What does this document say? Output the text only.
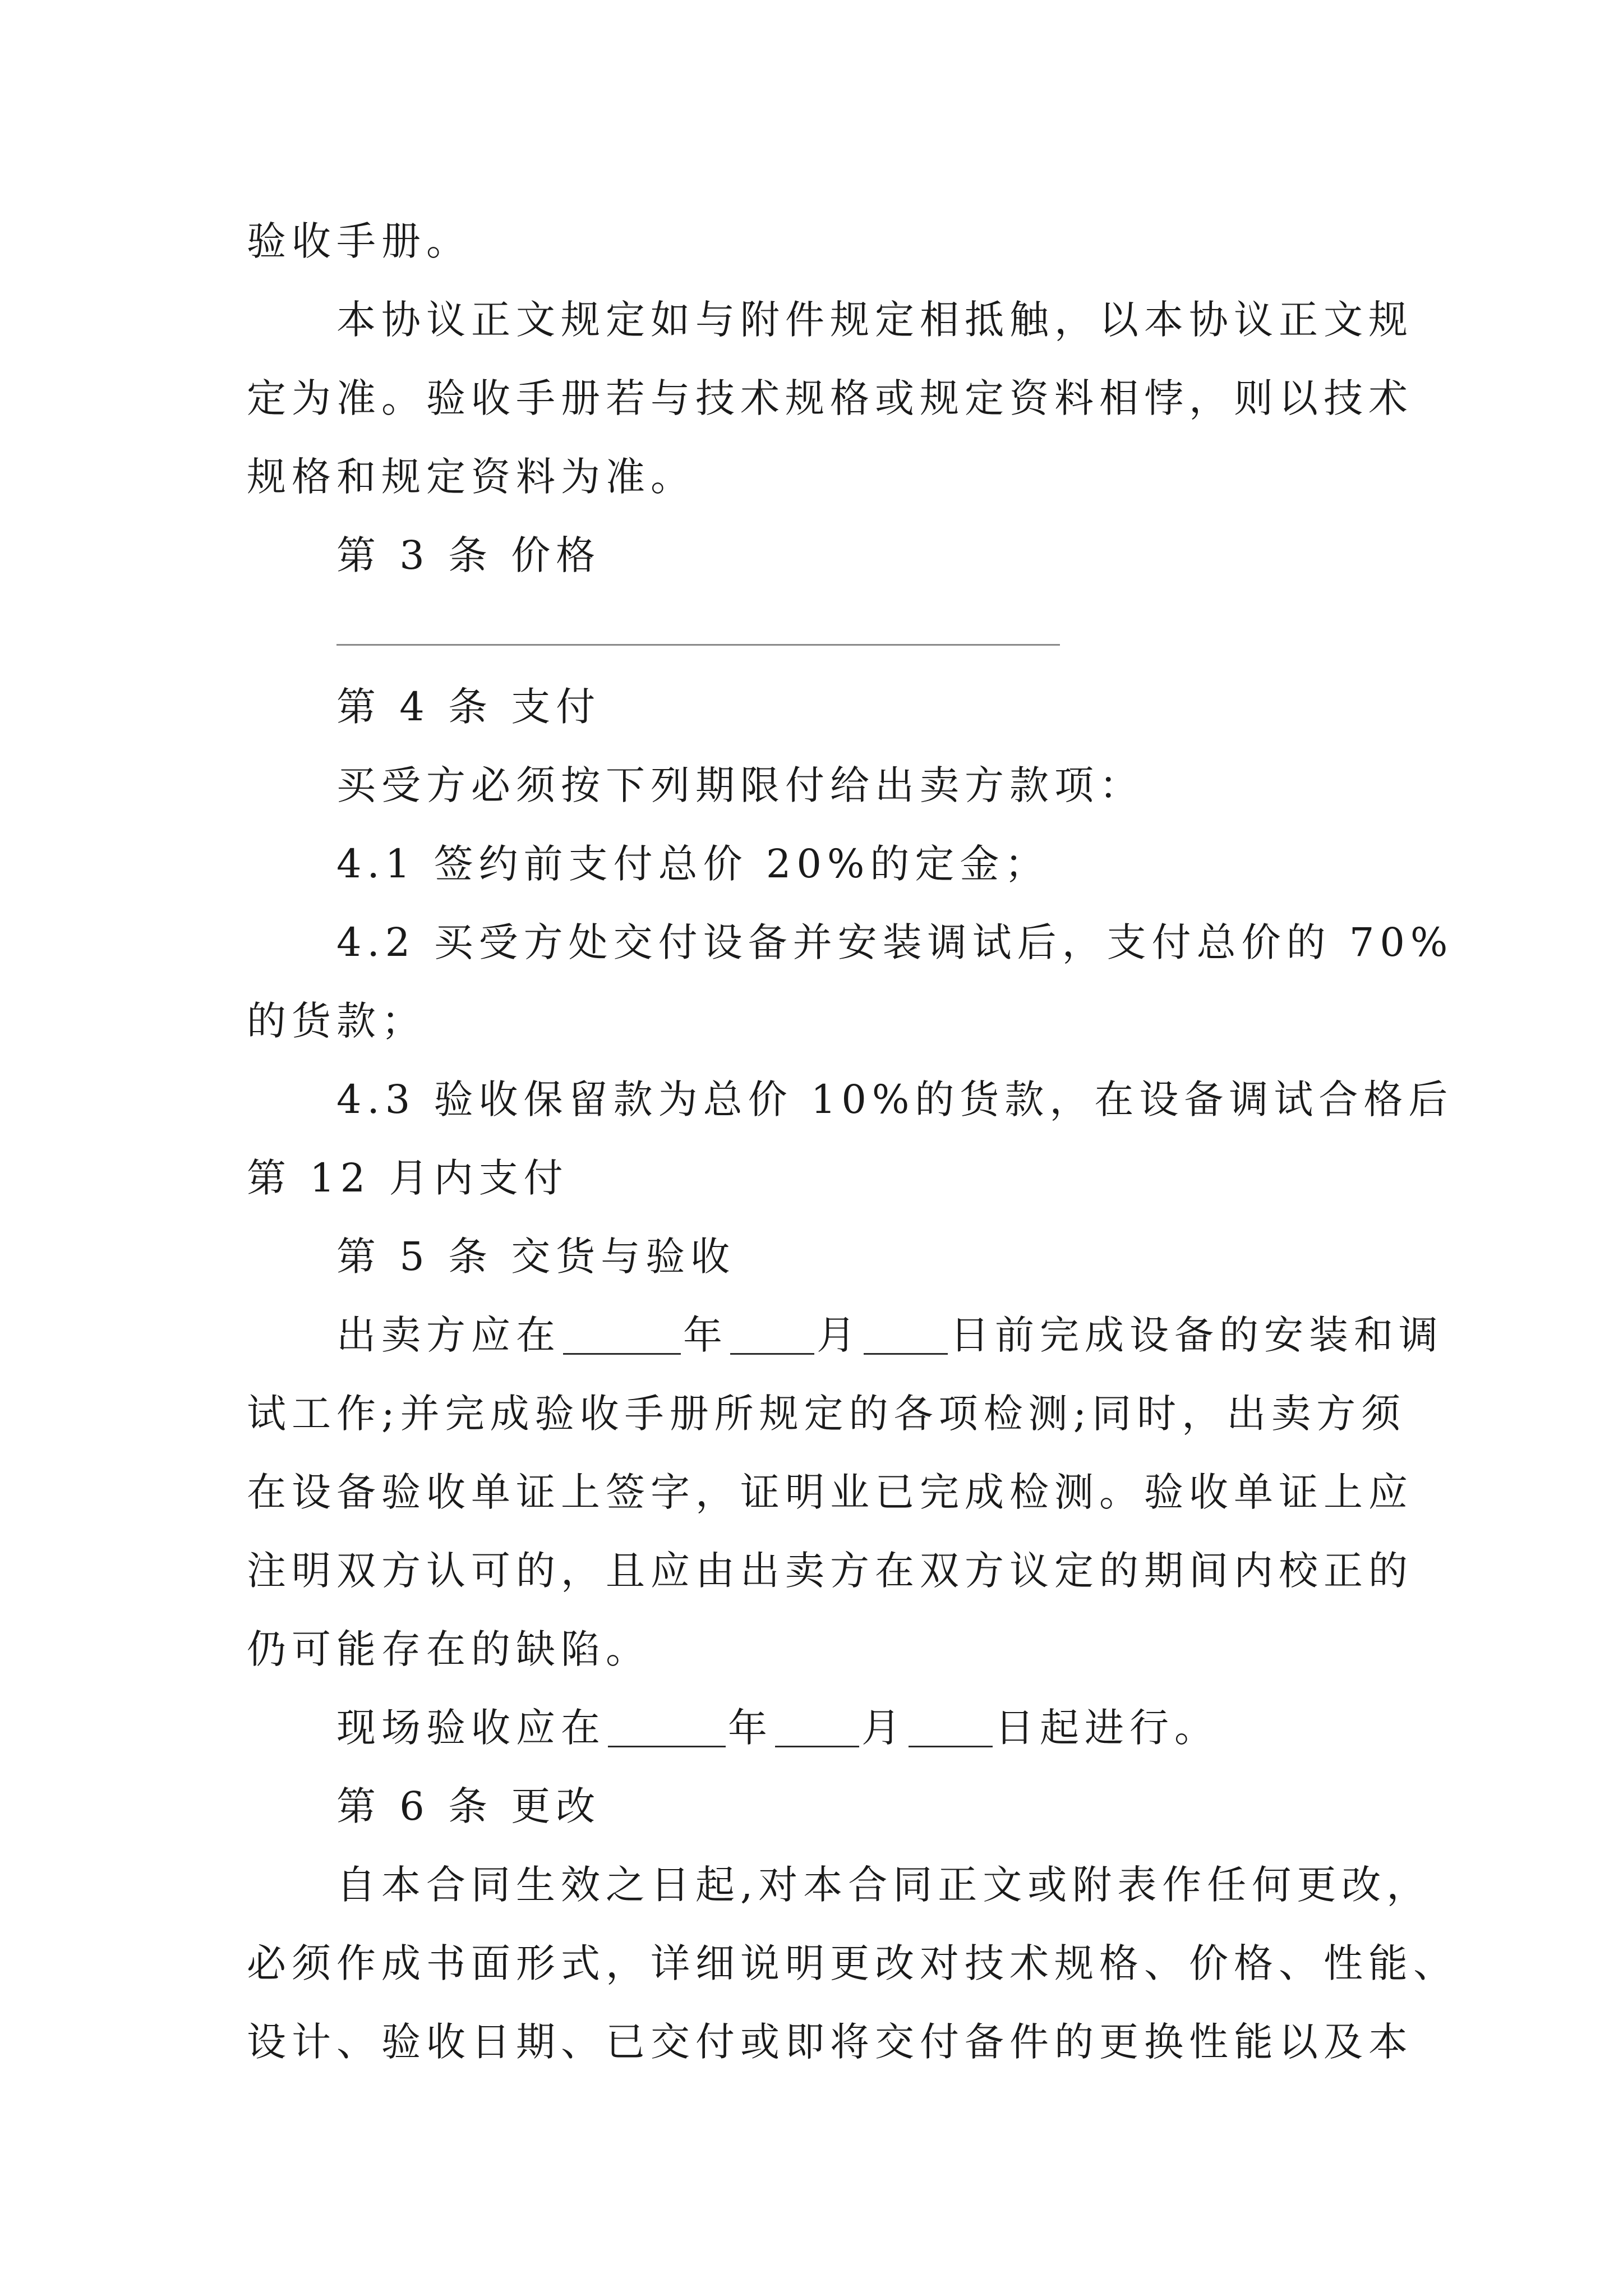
验收手册。
本协议正文规定如与附件规定相抵触，以本协议正文规
定为准。验收手册若与技术规格或规定资料相悖，则以技术
规格和规定资料为准。
第 3 条 价格
第 4 条 支付
买受方必须按下列期限付给出卖方款项：
4.1 签约前支付总价 20%的定金；
4.2 买受方处交付设备并安装调试后，支付总价的 70%
的货款；
4.3 验收保留款为总价 10%的货款，在设备调试合格后
第 12 月内支付
第 5 条 交货与验收
出卖方应在	年 月 日前完成设备的安装和调
试工作;并完成验收手册所规定的各项检测;同时，出卖方须
在设备验收单证上签字，证明业已完成检测。验收单证上应
注明双方认可的，且应由出卖方在双方议定的期间内校正的
仍可能存在的缺陷。
现场验收应在	年 月 日起进行。
第 6 条 更改
自本合同生效之日起,对本合同正文或附表作任何更改，
必须作成书面形式，详细说明更改对技术规格、价格、性能、
设计、验收日期、已交付或即将交付备件的更换性能以及本
